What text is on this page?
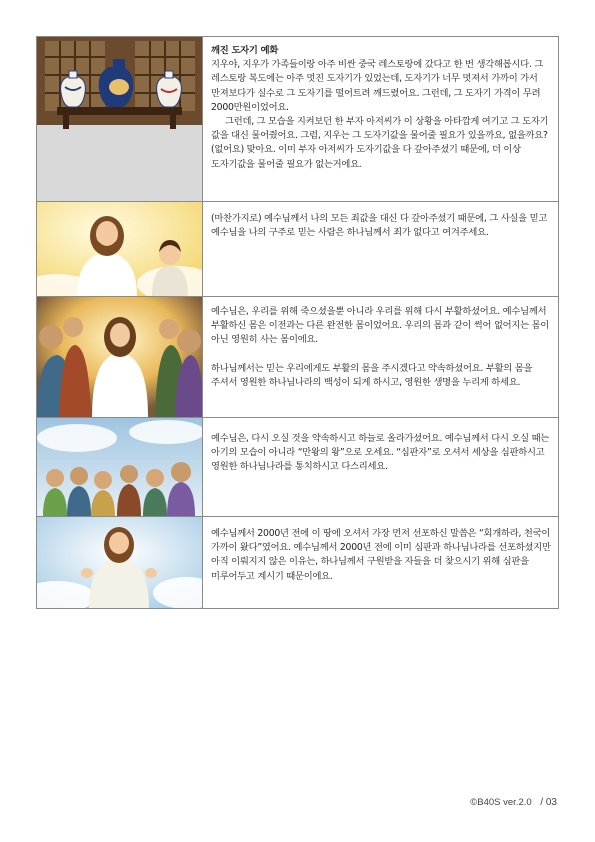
깨진 도자기 예화

지우야, 지우가 가족들이랑 아주 비싼 중국 레스토랑에 갔다고 한 번 생각해봅시다. 그 레스토랑 복도에는 아주 멋진 도자기가 있었는데, 도자기가 너무 멋져서 가까이 가서 만져보다가 실수로 그 도자기를 떨어트려 깨드렸어요. 그런데, 그 도자기 가격이 무려 2000만원이었어요.

그런데, 그 모습을 지켜보던 한 부자 아저씨가 이 상황을 아타깝게 여기고 그 도자기 값을 대신 물어줬어요. 그럼, 지우는 그 도자기값을 물어줄 필요가 있을까요, 없을까요? (없어요) 맞아요. 이미 부자 아저씨가 도자기값을 다 갚아주셨기 때문에, 더 이상 도자기값을 물어줄 필요가 없는거에요.

(마찬가지로) 예수님께서 나의 모든 죄값을 대신 다 갚아주셨기 때문에, 그 사실을 믿고 예수님을 나의 구주로 믿는 사람은 하나님께서 죄가 없다고 여겨주세요.

예수님은, 우리를 위해 죽으셨을뿐 아니라 우리를 위해 다시 부활하셨어요. 예수님께서 부활하신 몸은 이전과는 다른 완전한 몸이었어요. 우리의 몸과 같이 썩어 없어지는 몸이 아닌 영원히 사는 몸이에요.

하나님께서는 믿는 우리에게도 부활의 몸을 주시겠다고 약속하셨어요. 부활의 몸을 주셔서 영원한 하나님나라의 백성이 되게 하시고, 영원한 생명을 누리게 하세요.

예수님은, 다시 오실 것을 약속하시고 하늘로 올라가셨어요. 예수님께서 다시 오실 때는 아기의 모습이 아니라 “만왕의 왕”으로 오세요. “심판자”로 오셔서 세상을 심판하시고 영원한 하나님나라를 통치하시고 다스리세요.

예수님께서 2000년 전에 이 땅에 오셔서 가장 먼저 선포하신 말씀은 “회개하라, 천국이 가까이 왔다”였어요. 예수님께서 2000년 전에 이미 심판과 하나님나라를 선포하셨지만 아직 이뤄지지 않은 이유는, 하나님께서 구원받을 자들을 더 찾으시기 위해 심판을 미루어두고 계시기 때문이에요.

©B40S ver.2.0 / 03
